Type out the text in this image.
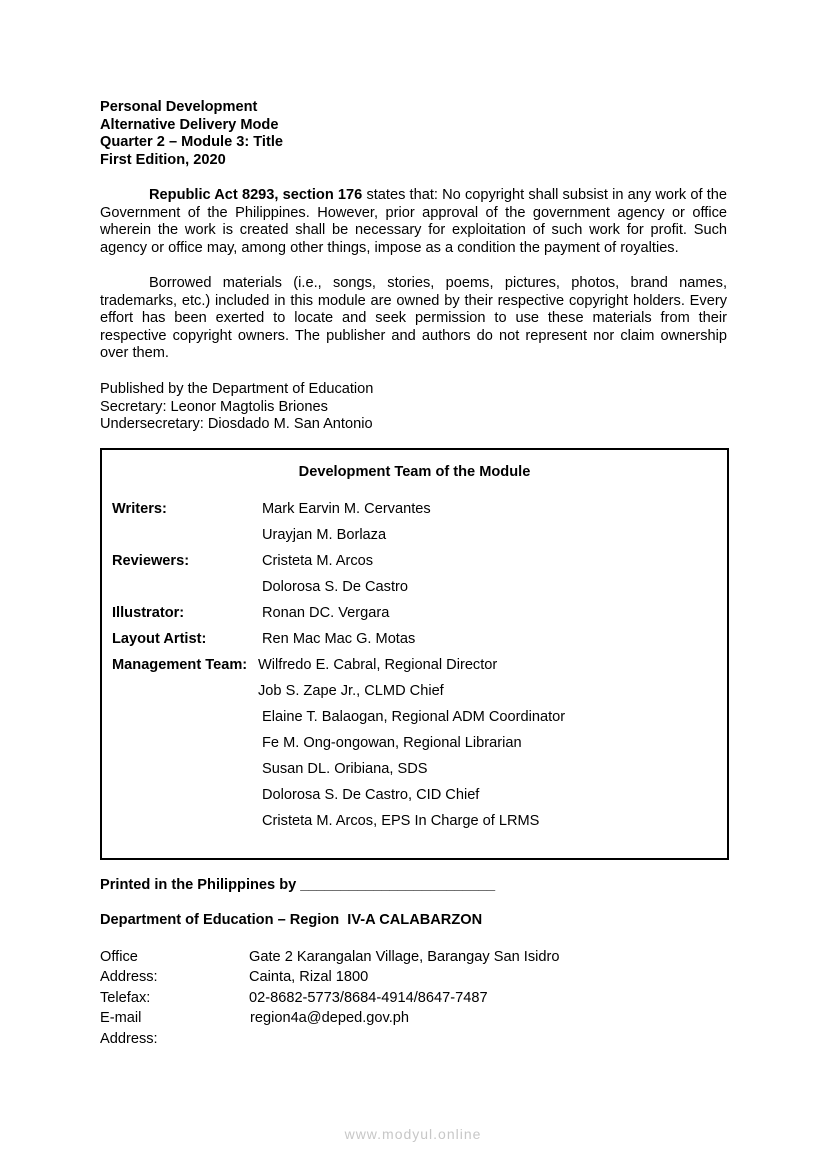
Personal Development
Alternative Delivery Mode
Quarter 2 – Module 3: Title
First Edition, 2020
Republic Act 8293, section 176 states that: No copyright shall subsist in any work of the Government of the Philippines. However, prior approval of the government agency or office wherein the work is created shall be necessary for exploitation of such work for profit. Such agency or office may, among other things, impose as a condition the payment of royalties.
Borrowed materials (i.e., songs, stories, poems, pictures, photos, brand names, trademarks, etc.) included in this module are owned by their respective copyright holders. Every effort has been exerted to locate and seek permission to use these materials from their respective copyright owners. The publisher and authors do not represent nor claim ownership over them.
Published by the Department of Education
Secretary: Leonor Magtolis Briones
Undersecretary: Diosdado M. San Antonio
Development Team of the Module
Writers:	Mark Earvin M. Cervantes
Urayjan M. Borlaza
Reviewers:	Cristeta M. Arcos
Dolorosa S. De Castro
Illustrator:	Ronan DC. Vergara
Layout Artist:	Ren Mac Mac G. Motas
Management Team: Wilfredo E. Cabral, Regional Director
Job S. Zape Jr., CLMD Chief
Elaine T. Balaogan, Regional ADM Coordinator
Fe M. Ong-ongowan, Regional Librarian
Susan DL. Oribiana, SDS
Dolorosa S. De Castro, CID Chief
Cristeta M. Arcos, EPS In Charge of LRMS
Printed in the Philippines by ________________________
Department of Education – Region  IV-A CALABARZON
Office Address:
Gate 2 Karangalan Village, Barangay San Isidro
Cainta, Rizal 1800
Telefax:	02-8682-5773/8684-4914/8647-7487
E-mail Address:
region4a@deped.gov.ph
www.modyul.online
